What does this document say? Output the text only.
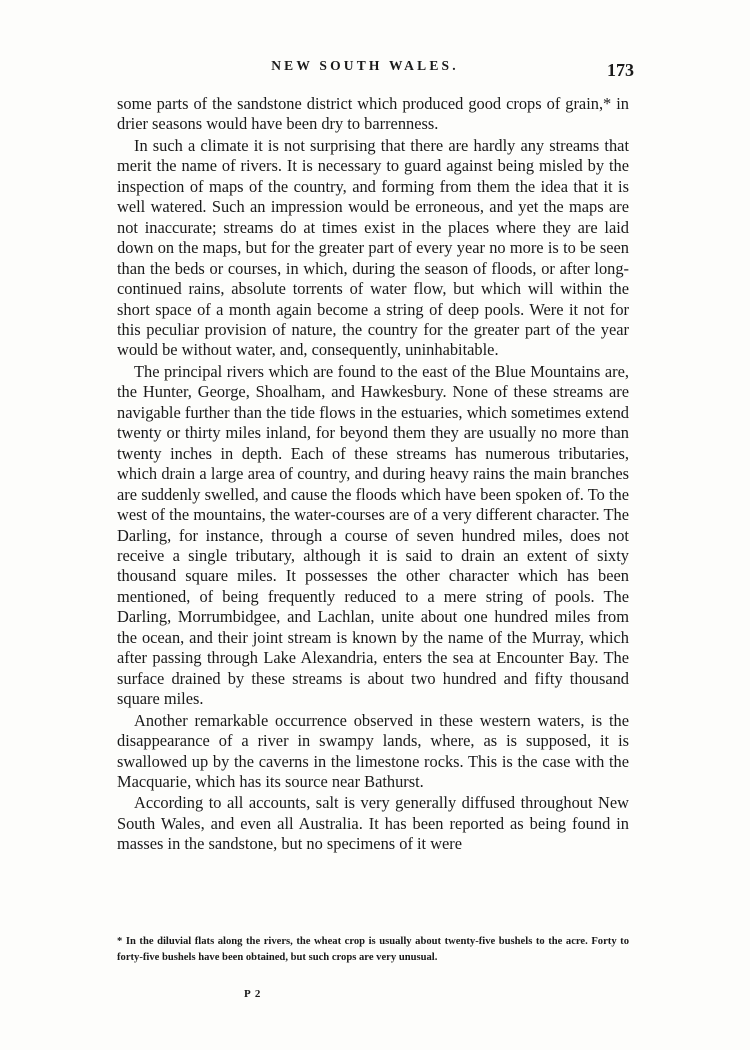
NEW SOUTH WALES.	173

some parts of the sandstone district which produced good crops of grain,* in drier seasons would have been dry to barrenness.

In such a climate it is not surprising that there are hardly any streams that merit the name of rivers. It is necessary to guard against being misled by the inspection of maps of the country, and forming from them the idea that it is well watered. Such an impression would be erroneous, and yet the maps are not inaccurate; streams do at times exist in the places where they are laid down on the maps, but for the greater part of every year no more is to be seen than the beds or courses, in which, during the season of floods, or after long-continued rains, absolute torrents of water flow, but which will within the short space of a month again become a string of deep pools. Were it not for this peculiar provision of nature, the country for the greater part of the year would be without water, and, consequently, uninhabitable.

The principal rivers which are found to the east of the Blue Mountains are, the Hunter, George, Shoalham, and Hawkesbury. None of these streams are navigable further than the tide flows in the estuaries, which sometimes extend twenty or thirty miles inland, for beyond them they are usually no more than twenty inches in depth. Each of these streams has numerous tributaries, which drain a large area of country, and during heavy rains the main branches are suddenly swelled, and cause the floods which have been spoken of. To the west of the mountains, the water-courses are of a very different character. The Darling, for instance, through a course of seven hundred miles, does not receive a single tributary, although it is said to drain an extent of sixty thousand square miles. It possesses the other character which has been mentioned, of being frequently reduced to a mere string of pools. The Darling, Morrumbidgee, and Lachlan, unite about one hundred miles from the ocean, and their joint stream is known by the name of the Murray, which after passing through Lake Alexandria, enters the sea at Encounter Bay. The surface drained by these streams is about two hundred and fifty thousand square miles.

Another remarkable occurrence observed in these western waters, is the disappearance of a river in swampy lands, where, as is supposed, it is swallowed up by the caverns in the limestone rocks. This is the case with the Macquarie, which has its source near Bathurst.

According to all accounts, salt is very generally diffused throughout New South Wales, and even all Australia. It has been reported as being found in masses in the sandstone, but no specimens of it were

* In the diluvial flats along the rivers, the wheat crop is usually about twenty-five bushels to the acre. Forty to forty-five bushels have been obtained, but such crops are very unusual.
P 2
